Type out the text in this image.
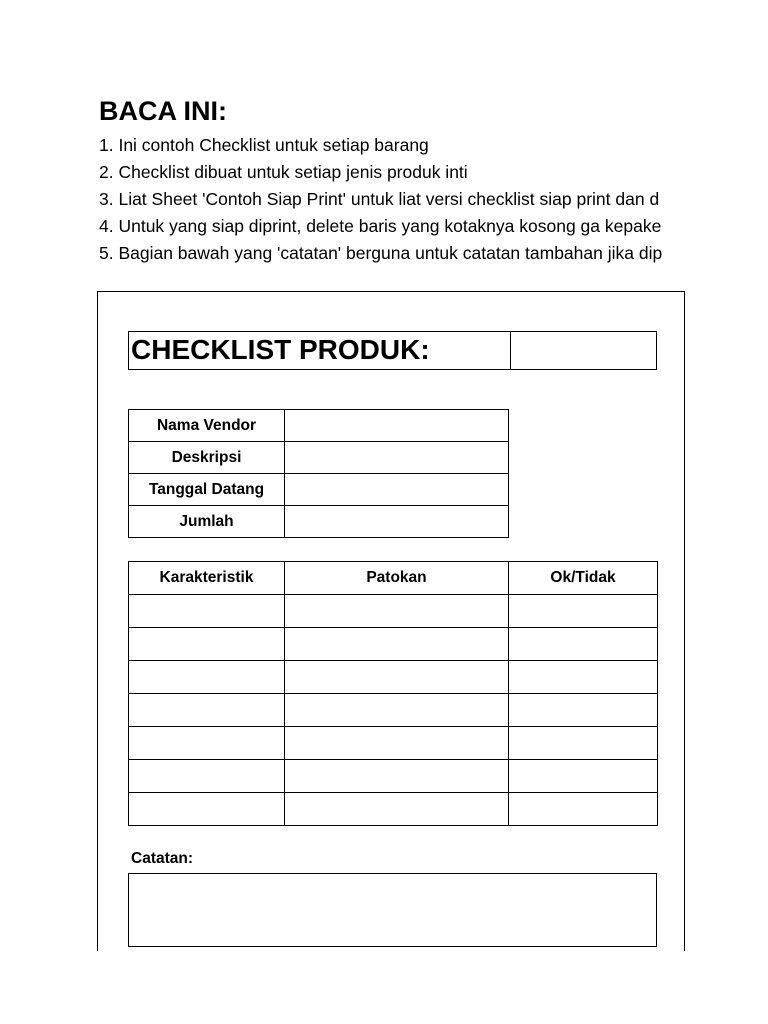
BACA INI:
1. Ini contoh Checklist untuk setiap barang
2. Checklist dibuat untuk setiap jenis produk inti
3. Liat Sheet 'Contoh Siap Print' untuk liat versi checklist siap print dan d
4. Untuk yang siap diprint, delete baris yang kotaknya kosong ga kepake
5. Bagian bawah yang 'catatan' berguna untuk catatan tambahan jika dip
CHECKLIST PRODUK:
Nama Vendor	
Deskripsi	
Tanggal Datang	
Jumlah	
Karakteristik	Patokan	Ok/Tidak

Catatan:
